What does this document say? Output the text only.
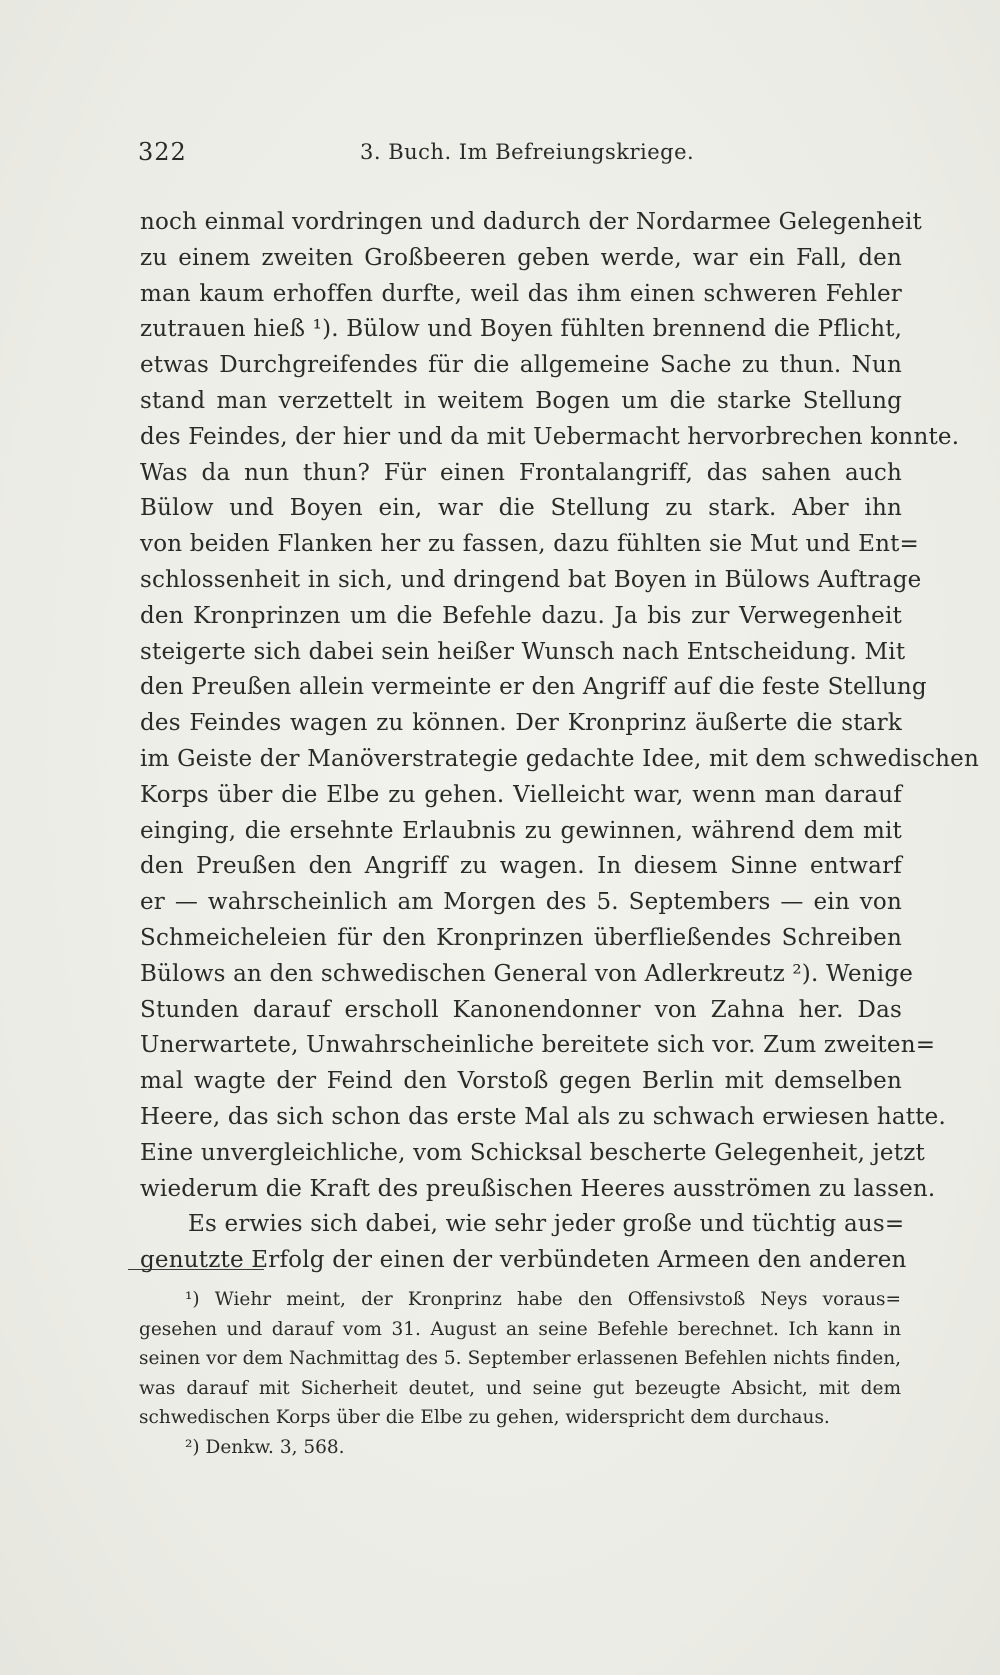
322	3. Buch. Im Befreiungskriege.
noch einmal vordringen und dadurch der Nordarmee Gelegenheit
zu einem zweiten Großbeeren geben werde, war ein Fall, den
man kaum erhoffen durfte, weil das ihm einen schweren Fehler
zutrauen hieß ¹). Bülow und Boyen fühlten brennend die Pflicht,
etwas Durchgreifendes für die allgemeine Sache zu thun. Nun
stand man verzettelt in weitem Bogen um die starke Stellung
des Feindes, der hier und da mit Uebermacht hervorbrechen konnte.
Was da nun thun? Für einen Frontalangriff, das sahen auch
Bülow und Boyen ein, war die Stellung zu stark. Aber ihn
von beiden Flanken her zu fassen, dazu fühlten sie Mut und Ent=
schlossenheit in sich, und dringend bat Boyen in Bülows Auftrage
den Kronprinzen um die Befehle dazu. Ja bis zur Verwegenheit
steigerte sich dabei sein heißer Wunsch nach Entscheidung. Mit
den Preußen allein vermeinte er den Angriff auf die feste Stellung
des Feindes wagen zu können. Der Kronprinz äußerte die stark
im Geiste der Manöverstrategie gedachte Idee, mit dem schwedischen
Korps über die Elbe zu gehen. Vielleicht war, wenn man darauf
einging, die ersehnte Erlaubnis zu gewinnen, während dem mit
den Preußen den Angriff zu wagen. In diesem Sinne entwarf
er — wahrscheinlich am Morgen des 5. Septembers — ein von
Schmeicheleien für den Kronprinzen überfließendes Schreiben
Bülows an den schwedischen General von Adlerkreutz ²). Wenige
Stunden darauf erscholl Kanonendonner von Zahna her. Das
Unerwartete, Unwahrscheinliche bereitete sich vor. Zum zweiten=
mal wagte der Feind den Vorstoß gegen Berlin mit demselben
Heere, das sich schon das erste Mal als zu schwach erwiesen hatte.
Eine unvergleichliche, vom Schicksal bescherte Gelegenheit, jetzt
wiederum die Kraft des preußischen Heeres ausströmen zu lassen.
Es erwies sich dabei, wie sehr jeder große und tüchtig aus=
genutzte Erfolg der einen der verbündeten Armeen den anderen
¹) Wiehr meint, der Kronprinz habe den Offensivstoß Neys voraus=
gesehen und darauf vom 31. August an seine Befehle berechnet. Ich kann in
seinen vor dem Nachmittag des 5. September erlassenen Befehlen nichts finden,
was darauf mit Sicherheit deutet, und seine gut bezeugte Absicht, mit dem
schwedischen Korps über die Elbe zu gehen, widerspricht dem durchaus.
²) Denkw. 3, 568.
